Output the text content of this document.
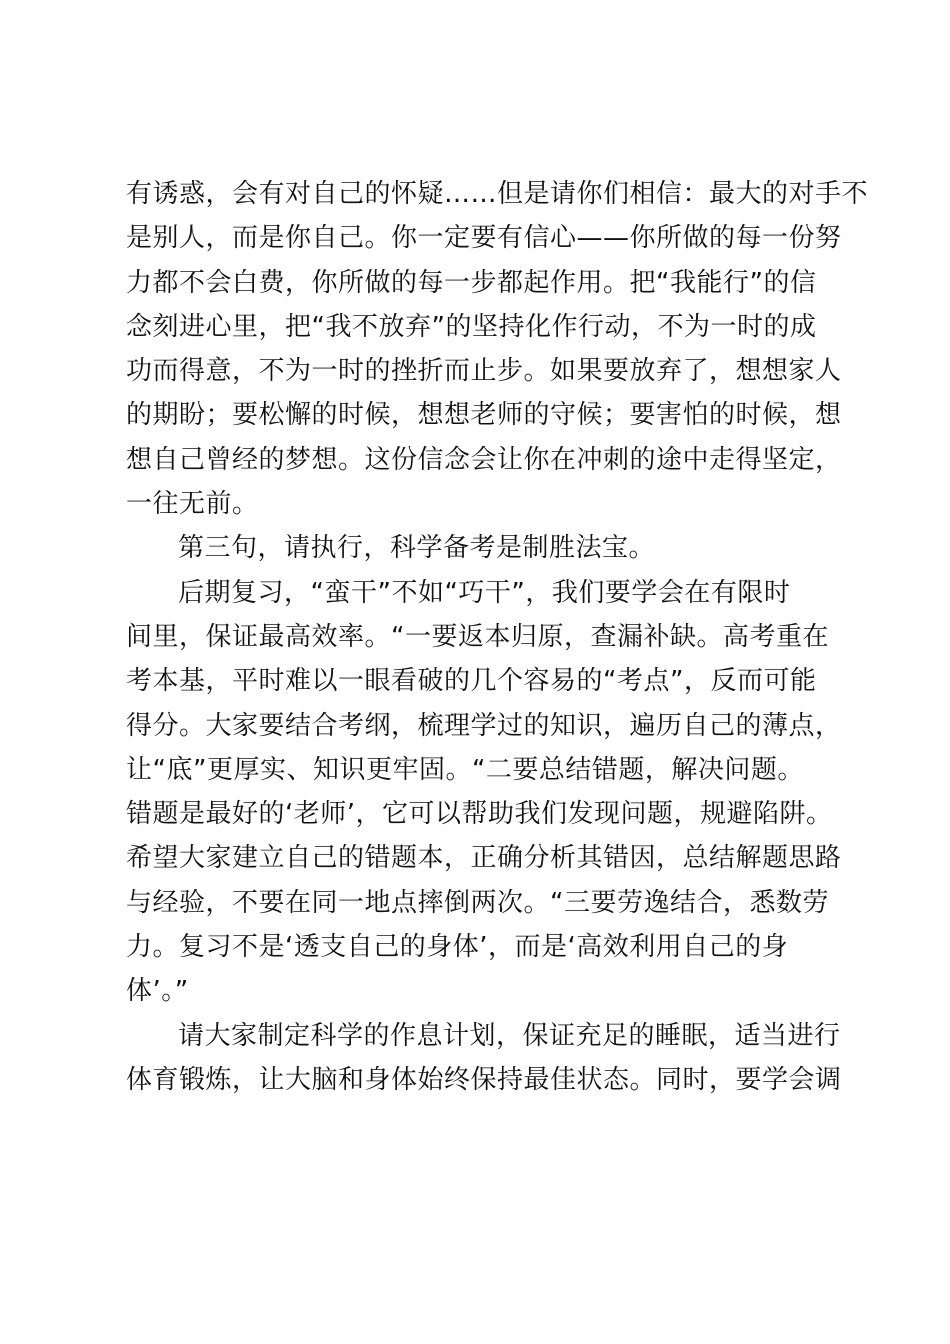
有诱惑，会有对自己的怀疑……但是请你们相信：最大的对手不
是别人，而是你自己。你一定要有信心——你所做的每一份努
力都不会白费，你所做的每一步都起作用。把“我能行”的信
念刻进心里，把“我不放弃”的坚持化作行动，不为一时的成
功而得意，不为一时的挫折而止步。如果要放弃了，想想家人
的期盼；要松懈的时候，想想老师的守候；要害怕的时候，想
想自己曾经的梦想。这份信念会让你在冲刺的途中走得坚定，
一往无前。
第三句，请执行，科学备考是制胜法宝。
后期复习，“蛮干”不如“巧干”，我们要学会在有限时
间里，保证最高效率。“一要返本归原，查漏补缺。高考重在
考本基，平时难以一眼看破的几个容易的“考点”，反而可能
得分。大家要结合考纲，梳理学过的知识，遍历自己的薄点，
让“底”更厚实、知识更牢固。“二要总结错题，解决问题。
错题是最好的‘老师’，它可以帮助我们发现问题，规避陷阱。
希望大家建立自己的错题本，正确分析其错因，总结解题思路
与经验，不要在同一地点摔倒两次。“三要劳逸结合，悉数劳
力。复习不是‘透支自己的身体’，而是‘高效利用自己的身
体’。”
请大家制定科学的作息计划，保证充足的睡眠，适当进行
体育锻炼，让大脑和身体始终保持最佳状态。同时，要学会调
